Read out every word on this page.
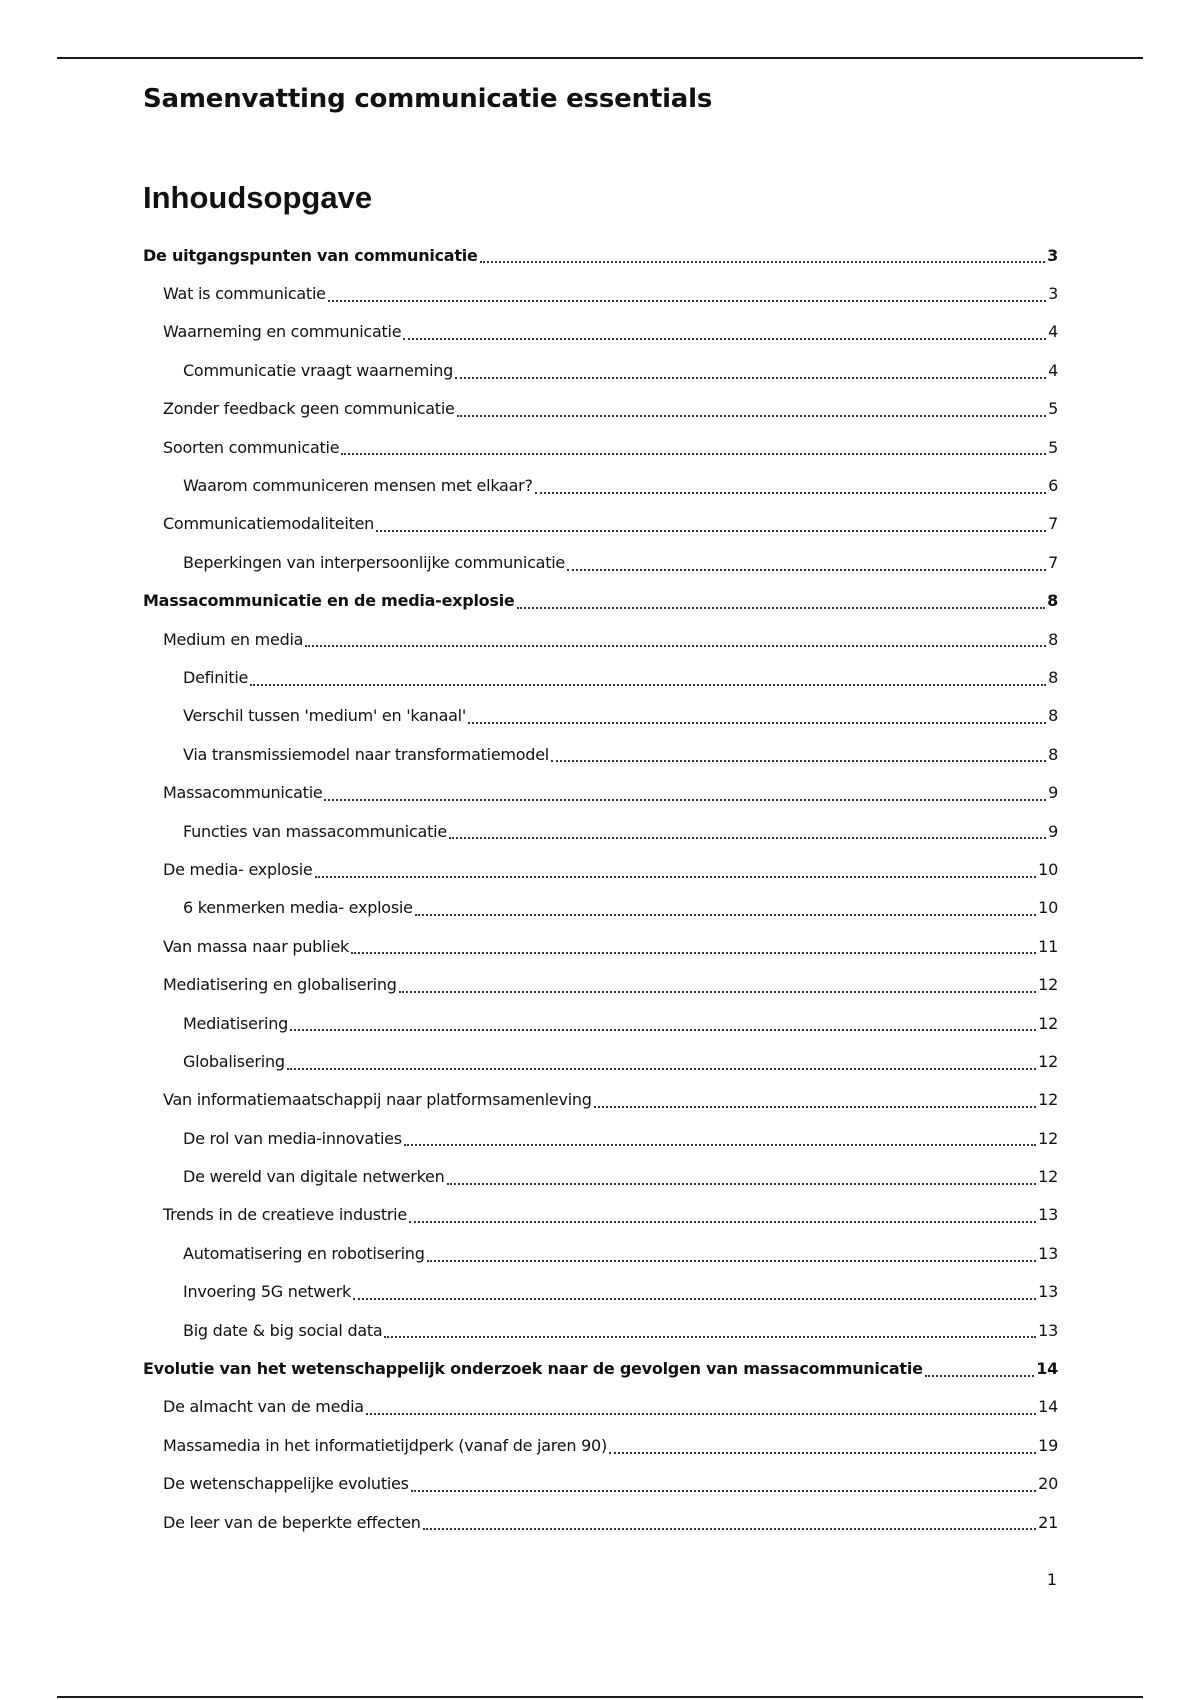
Samenvatting communicatie essentials
Inhoudsopgave
De uitgangspunten van communicatie	3
Wat is communicatie	3
Waarneming en communicatie	4
Communicatie vraagt waarneming	4
Zonder feedback geen communicatie	5
Soorten communicatie	5
Waarom communiceren mensen met elkaar?	6
Communicatiemodaliteiten	7
Beperkingen van interpersoonlijke communicatie	7
Massacommunicatie en de media-explosie	8
Medium en media	8
Definitie	8
Verschil tussen 'medium' en 'kanaal'	8
Via transmissiemodel naar transformatiemodel	8
Massacommunicatie	9
Functies van massacommunicatie	9
De media- explosie	10
6 kenmerken media- explosie	10
Van massa naar publiek	11
Mediatisering en globalisering	12
Mediatisering	12
Globalisering	12
Van informatiemaatschappij naar platformsamenleving	12
De rol van media-innovaties	12
De wereld van digitale netwerken	12
Trends in de creatieve industrie	13
Automatisering en robotisering	13
Invoering 5G netwerk	13
Big date & big social data	13
Evolutie van het wetenschappelijk onderzoek naar de gevolgen van massacommunicatie	14
De almacht van de media	14
Massamedia in het informatietijdperk (vanaf de jaren 90)	19
De wetenschappelijke evoluties	20
De leer van de beperkte effecten	21
1
